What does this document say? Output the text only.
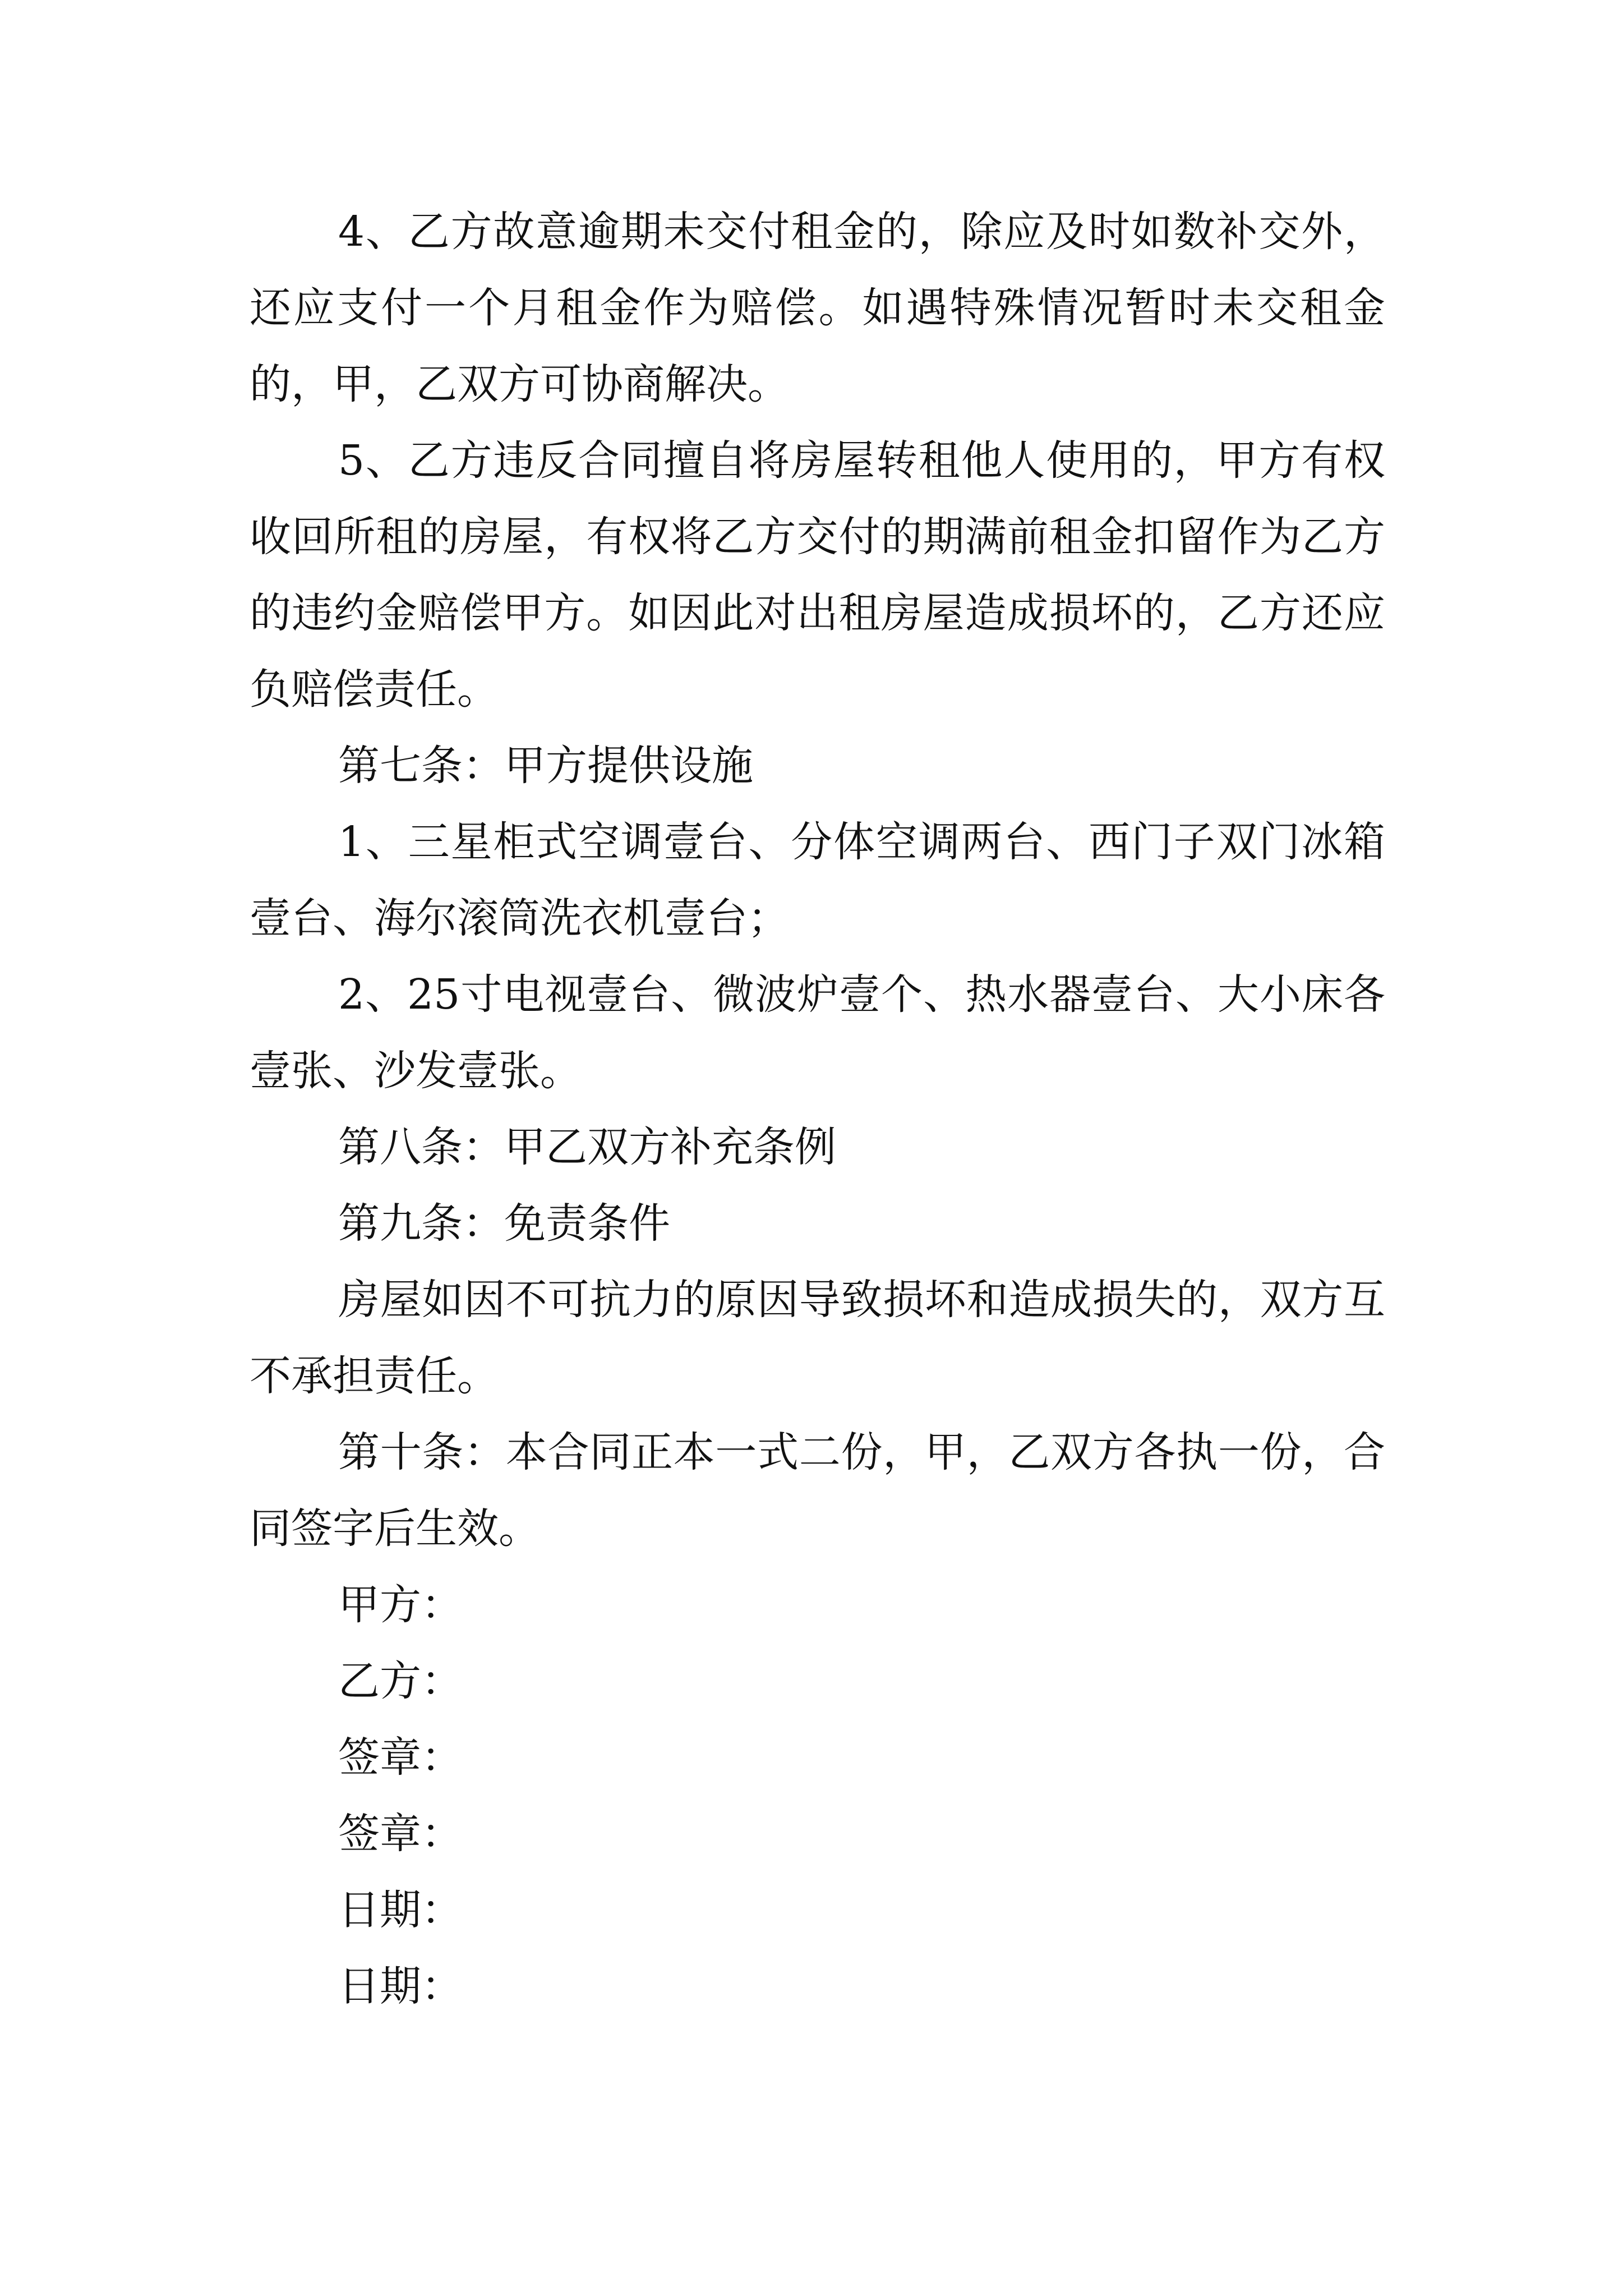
4、乙方故意逾期未交付租金的，除应及时如数补交外，还应支付一个月租金作为赔偿。如遇特殊情况暂时未交租金的，甲，乙双方可协商解决。

5、乙方违反合同擅自将房屋转租他人使用的，甲方有权收回所租的房屋，有权将乙方交付的期满前租金扣留作为乙方的违约金赔偿甲方。如因此对出租房屋造成损坏的，乙方还应负赔偿责任。

第七条：甲方提供设施

1、三星柜式空调壹台、分体空调两台、西门子双门冰箱壹台、海尔滚筒洗衣机壹台；

2、25寸电视壹台、微波炉壹个、热水器壹台、大小床各壹张、沙发壹张。

第八条：甲乙双方补充条例

第九条：免责条件

房屋如因不可抗力的原因导致损坏和造成损失的，双方互不承担责任。

第十条：本合同正本一式二份，甲，乙双方各执一份，合同签字后生效。

甲方：

乙方：

签章：

签章：

日期：

日期：
